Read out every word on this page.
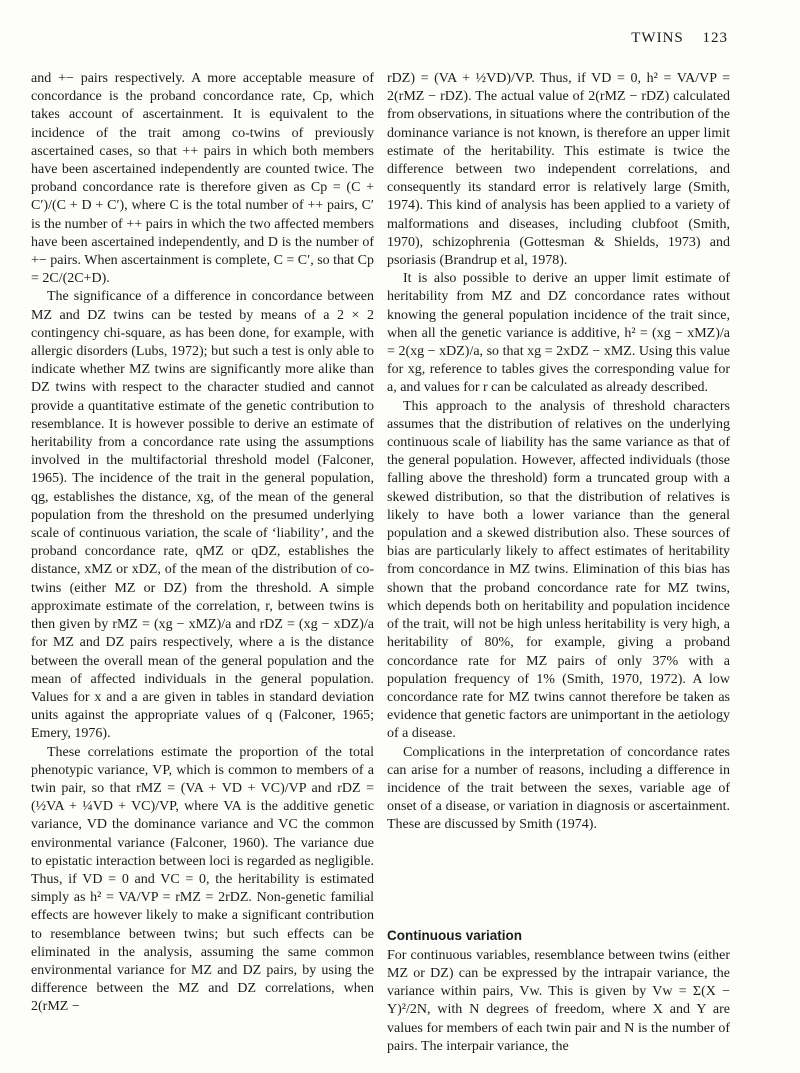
TWINS 123

and +− pairs respectively. A more acceptable measure of concordance is the proband concordance rate, Cp, which takes account of ascertainment. It is equivalent to the incidence of the trait among co-twins of previously ascertained cases, so that ++ pairs in which both members have been ascertained independently are counted twice. The proband concordance rate is therefore given as Cp = (C + C′)/(C + D + C′), where C is the total number of ++ pairs, C′ is the number of ++ pairs in which the two affected members have been ascertained independently, and D is the number of +− pairs. When ascertainment is complete, C = C′, so that Cp = 2C/(2C+D).

The significance of a difference in concordance between MZ and DZ twins can be tested by means of a 2 × 2 contingency chi-square, as has been done, for example, with allergic disorders (Lubs, 1972); but such a test is only able to indicate whether MZ twins are significantly more alike than DZ twins with respect to the character studied and cannot provide a quantitative estimate of the genetic contribution to resemblance. It is however possible to derive an estimate of heritability from a concordance rate using the assumptions involved in the multifactorial threshold model (Falconer, 1965). The incidence of the trait in the general population, qg, establishes the distance, xg, of the mean of the general population from the threshold on the presumed underlying scale of continuous variation, the scale of ‘liability’, and the proband concordance rate, qMZ or qDZ, establishes the distance, xMZ or xDZ, of the mean of the distribution of co-twins (either MZ or DZ) from the threshold. A simple approximate estimate of the correlation, r, between twins is then given by rMZ = (xg − xMZ)/a and rDZ = (xg − xDZ)/a for MZ and DZ pairs respectively, where a is the distance between the overall mean of the general population and the mean of affected individuals in the general population. Values for x and a are given in tables in standard deviation units against the appropriate values of q (Falconer, 1965; Emery, 1976).

These correlations estimate the proportion of the total phenotypic variance, VP, which is common to members of a twin pair, so that rMZ = (VA + VD + VC)/VP and rDZ = (½VA + ¼VD + VC)/VP, where VA is the additive genetic variance, VD the dominance variance and VC the common environmental variance (Falconer, 1960). The variance due to epistatic interaction between loci is regarded as negligible. Thus, if VD = 0 and VC = 0, the heritability is estimated simply as h² = VA/VP = rMZ = 2rDZ. Non-genetic familial effects are however likely to make a significant contribution to resemblance between twins; but such effects can be eliminated in the analysis, assuming the same common environmental variance for MZ and DZ pairs, by using the difference between the MZ and DZ correlations, when 2(rMZ −

rDZ) = (VA + ½VD)/VP. Thus, if VD = 0, h² = VA/VP = 2(rMZ − rDZ). The actual value of 2(rMZ − rDZ) calculated from observations, in situations where the contribution of the dominance variance is not known, is therefore an upper limit estimate of the heritability. This estimate is twice the difference between two independent correlations, and consequently its standard error is relatively large (Smith, 1974). This kind of analysis has been applied to a variety of malformations and diseases, including clubfoot (Smith, 1970), schizophrenia (Gottesman & Shields, 1973) and psoriasis (Brandrup et al, 1978).

It is also possible to derive an upper limit estimate of heritability from MZ and DZ concordance rates without knowing the general population incidence of the trait since, when all the genetic variance is additive, h² = (xg − xMZ)/a = 2(xg − xDZ)/a, so that xg = 2xDZ − xMZ. Using this value for xg, reference to tables gives the corresponding value for a, and values for r can be calculated as already described.

This approach to the analysis of threshold characters assumes that the distribution of relatives on the underlying continuous scale of liability has the same variance as that of the general population. However, affected individuals (those falling above the threshold) form a truncated group with a skewed distribution, so that the distribution of relatives is likely to have both a lower variance than the general population and a skewed distribution also. These sources of bias are particularly likely to affect estimates of heritability from concordance in MZ twins. Elimination of this bias has shown that the proband concordance rate for MZ twins, which depends both on heritability and population incidence of the trait, will not be high unless heritability is very high, a heritability of 80%, for example, giving a proband concordance rate for MZ pairs of only 37% with a population frequency of 1% (Smith, 1970, 1972). A low concordance rate for MZ twins cannot therefore be taken as evidence that genetic factors are unimportant in the aetiology of a disease.

Complications in the interpretation of concordance rates can arise for a number of reasons, including a difference in incidence of the trait between the sexes, variable age of onset of a disease, or variation in diagnosis or ascertainment. These are discussed by Smith (1974).

Continuous variation

For continuous variables, resemblance between twins (either MZ or DZ) can be expressed by the intrapair variance, the variance within pairs, Vw. This is given by Vw = Σ(X − Y)²/2N, with N degrees of freedom, where X and Y are values for members of each twin pair and N is the number of pairs. The interpair variance, the
